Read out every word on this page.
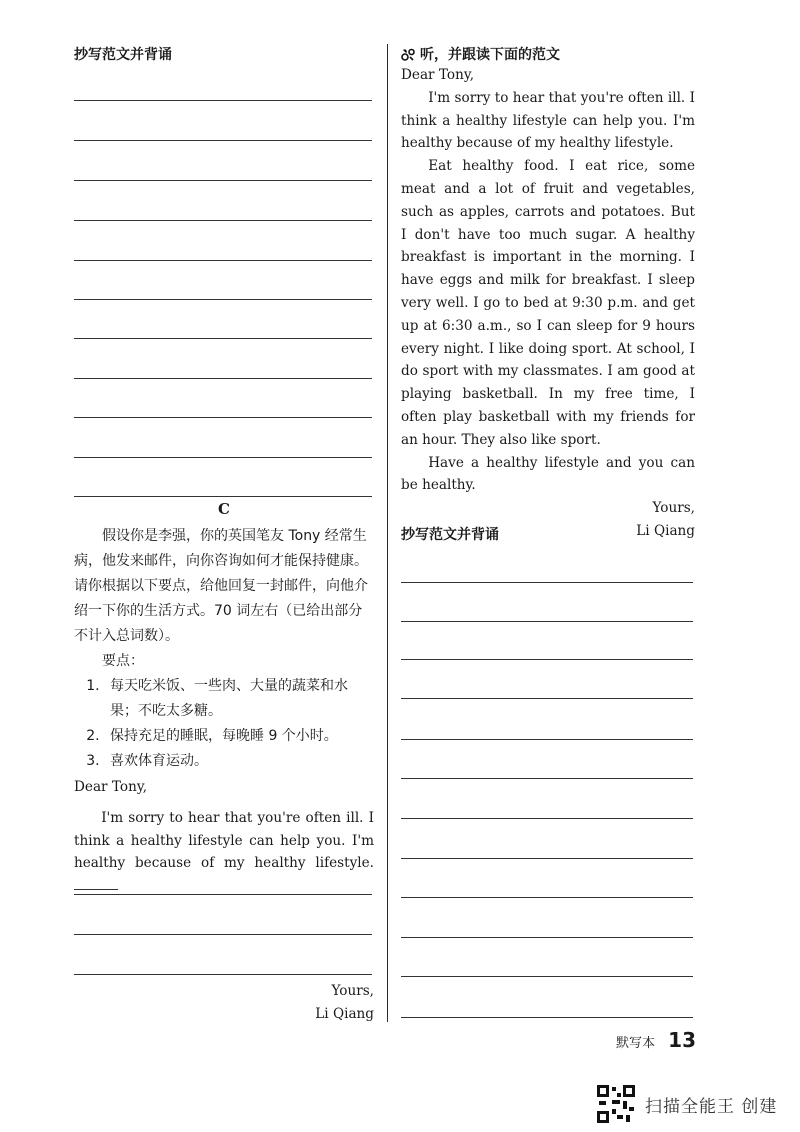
抄写范文并背诵

C

假设你是李强，你的英国笔友 Tony 经常生病，他发来邮件，向你咨询如何才能保持健康。请你根据以下要点，给他回复一封邮件，向他介绍一下你的生活方式。70 词左右（已给出部分不计入总词数）。

要点：

1. 每天吃米饭、一些肉、大量的蔬菜和水果；不吃太多糖。
2. 保持充足的睡眠，每晚睡 9 个小时。
3. 喜欢体育运动。

Dear Tony,

I'm sorry to hear that you're often ill. I think a healthy lifestyle can help you. I'm healthy because of my healthy lifestyle.

Yours,

Li Qiang

听，并跟读下面的范文

Dear Tony,

I'm sorry to hear that you're often ill. I think a healthy lifestyle can help you. I'm healthy because of my healthy lifestyle.

Eat healthy food. I eat rice, some meat and a lot of fruit and vegetables, such as apples, carrots and potatoes. But I don't have too much sugar. A healthy breakfast is important in the morning. I have eggs and milk for breakfast. I sleep very well. I go to bed at 9:30 p.m. and get up at 6:30 a.m., so I can sleep for 9 hours every night. I like doing sport. At school, I do sport with my classmates. I am good at playing basketball. In my free time, I often play basketball with my friends for an hour. They also like sport.

Have a healthy lifestyle and you can be healthy.

Yours,

Li Qiang

抄写范文并背诵

默写本 13
扫描全能王 创建
